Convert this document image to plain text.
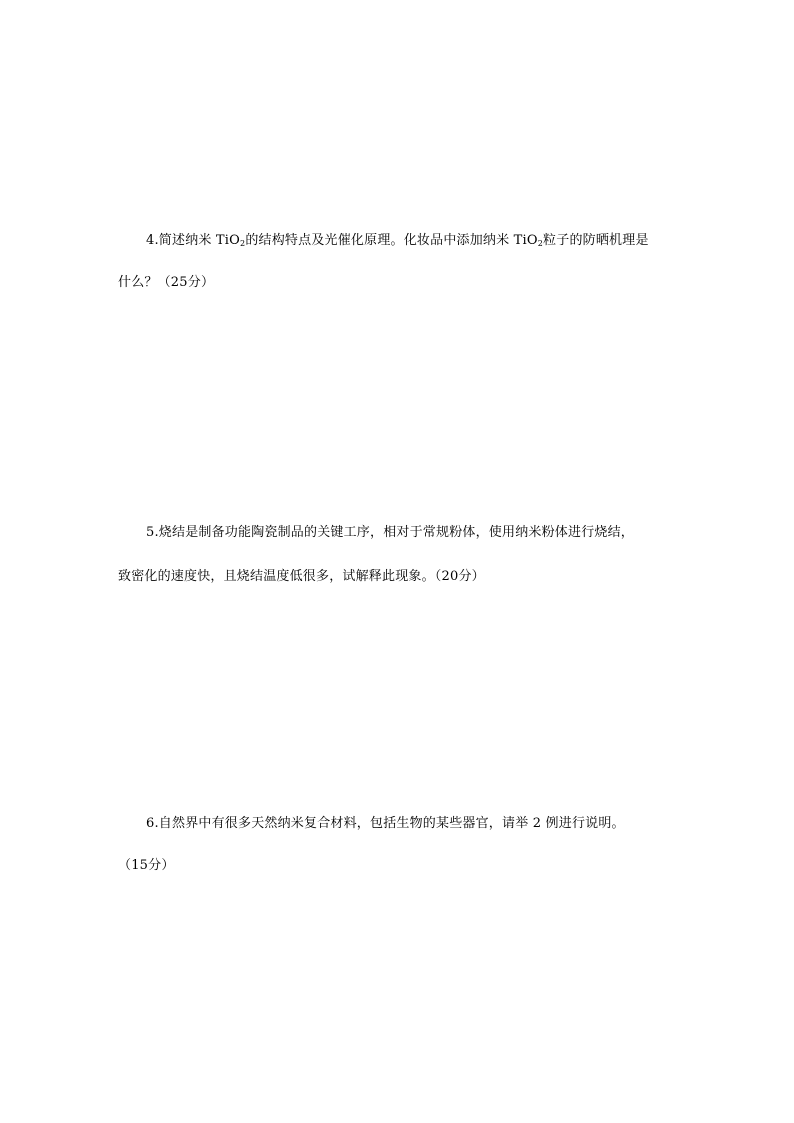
4.简述纳米 TiO$_2$的结构特点及光催化原理。化妆品中添加纳米 TiO$_2$粒子的防晒机理是
什么？（25分）
5.烧结是制备功能陶瓷制品的关键工序，相对于常规粉体，使用纳米粉体进行烧结，
致密化的速度快，且烧结温度低很多，试解释此现象。（20分）
6.自然界中有很多天然纳米复合材料，包括生物的某些器官，请举 2 例进行说明。
（15分）
